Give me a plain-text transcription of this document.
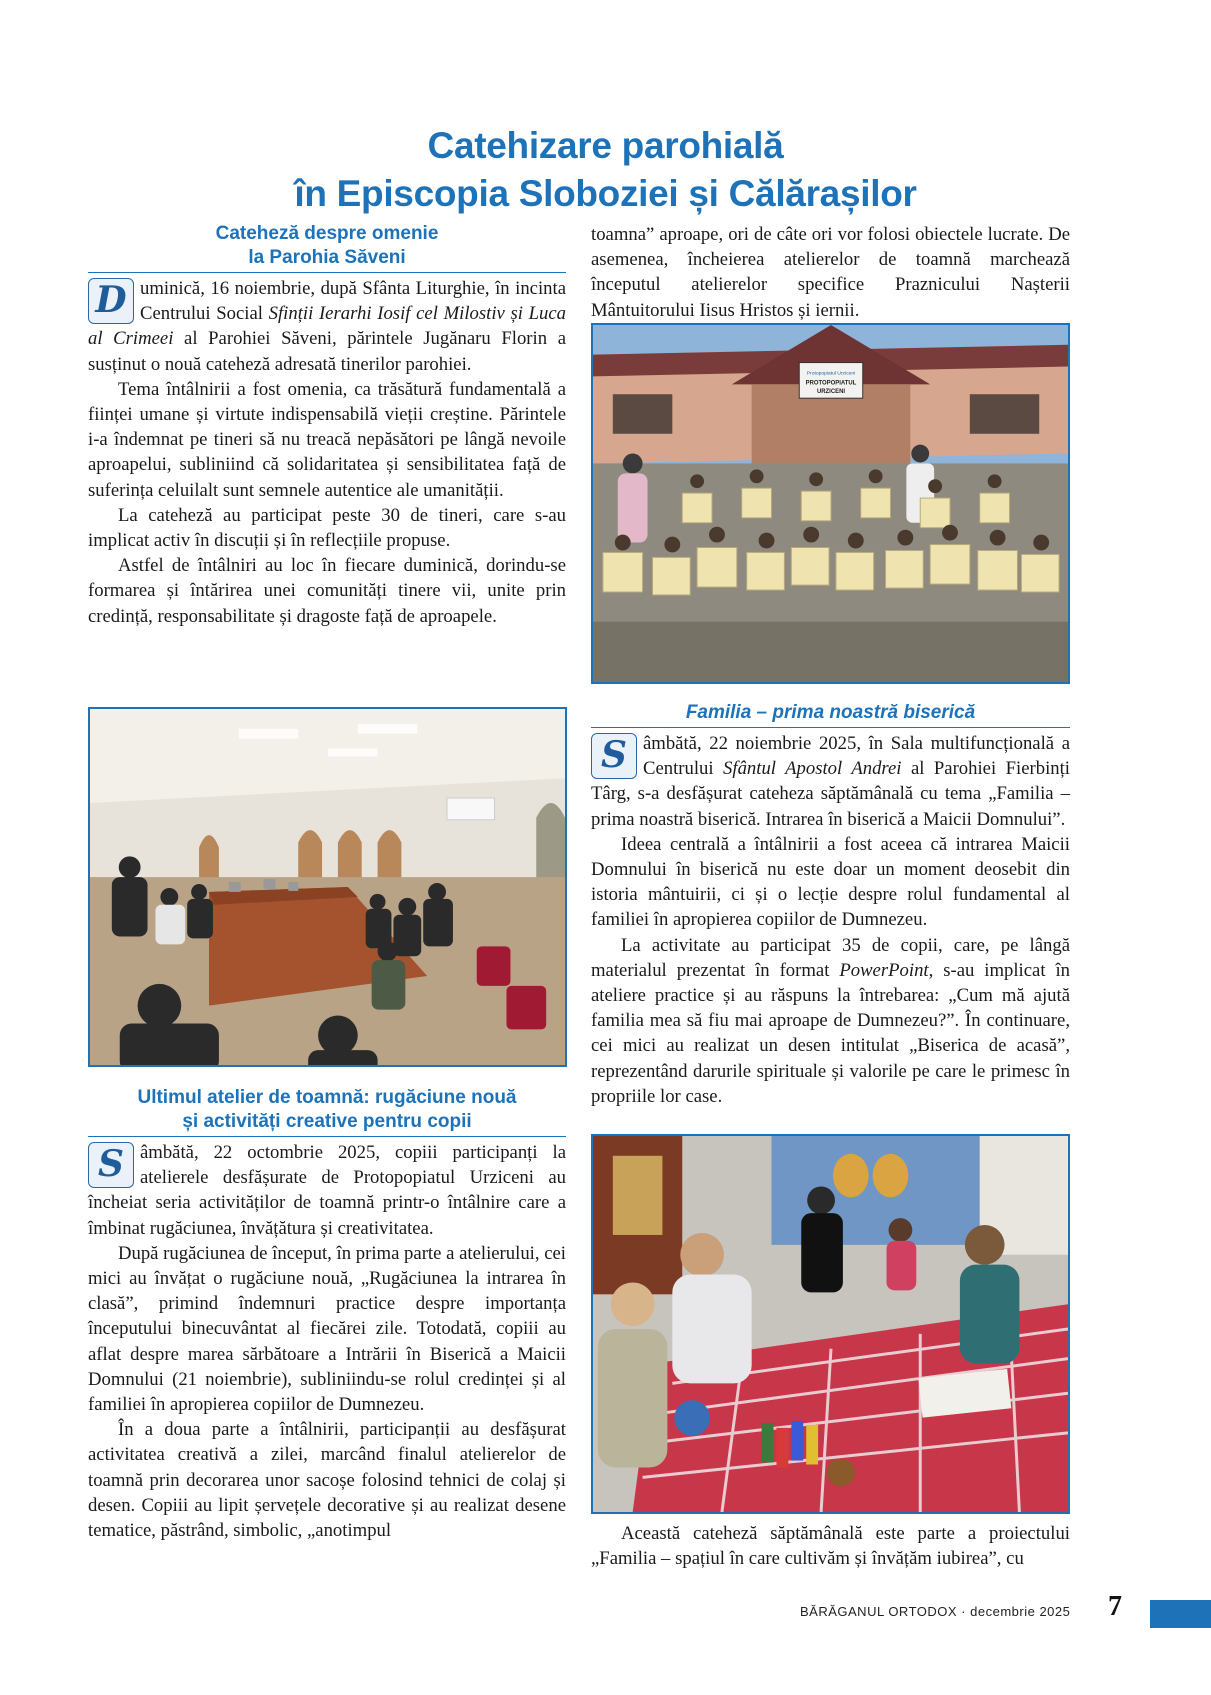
Catehizare parohială
în Episcopia Sloboziei și Călărașilor
Cateheză despre omenie
la Parohia Săveni

D uminică, 16 noiembrie, după Sfânta Liturghie, în incinta Centrului Social Sfinții Ierarhi Iosif cel Milostiv și Luca al Crimeei al Parohiei Săveni, părintele Jugănaru Florin a susținut o nouă cateheză adresată tinerilor parohiei.

Tema întâlnirii a fost omenia, ca trăsătură fundamentală a ființei umane și virtute indispensabilă vieții creștine. Părintele i-a îndemnat pe tineri să nu treacă nepăsători pe lângă nevoile aproapelui, subliniind că solidaritatea și sensibilitatea față de suferința celuilalt sunt semnele autentice ale umanității.

La cateheză au participat peste 30 de tineri, care s-au implicat activ în discuții și în reflecțiile propuse.

Astfel de întâlniri au loc în fiecare duminică, dorindu-se formarea și întărirea unei comunități tinere vii, unite prin credință, responsabilitate și dragoste față de aproapele.

Ultimul atelier de toamnă: rugăciune nouă
și activități creative pentru copii

S âmbătă, 22 octombrie 2025, copiii participanți la atelierele desfășurate de Protopopiatul Urziceni au încheiat seria activităților de toamnă printr-o întâlnire care a îmbinat rugăciunea, învățătura și creativitatea.

După rugăciunea de început, în prima parte a atelierului, cei mici au învățat o rugăciune nouă, „Rugăciunea la intrarea în clasă”, primind îndemnuri practice despre importanța începutului binecuvântat al fiecărei zile. Totodată, copiii au aflat despre marea sărbătoare a Intrării în Biserică a Maicii Domnului (21 noiembrie), subliniindu-se rolul credinței și al familiei în apropierea copiilor de Dumnezeu.

În a doua parte a întâlnirii, participanții au desfășurat activitatea creativă a zilei, marcând finalul atelierelor de toamnă prin decorarea unor sacoșe folosind tehnici de colaj și desen. Copiii au lipit șervețele decorative și au realizat desene tematice, păstrând, simbolic, „anotimpul

toamna” aproape, ori de câte ori vor folosi obiectele lucrate. De asemenea, încheierea atelierelor de toamnă marchează începutul atelierelor specifice Praznicului Nașterii Mântuitorului Iisus Hristos și iernii.

Protopopiatul Urziceni
PROTOPOPIATUL
URZICENI
Familia – prima noastră biserică

S âmbătă, 22 noiembrie 2025, în Sala multifuncțională a Centrului Sfântul Apostol Andrei al Parohiei Fierbinți Târg, s-a desfășurat cateheza săptămânală cu tema „Familia – prima noastră biserică. Intrarea în biserică a Maicii Domnului”.

Ideea centrală a întâlnirii a fost aceea că intrarea Maicii Domnului în biserică nu este doar un moment deosebit din istoria mântuirii, ci și o lecție despre rolul fundamental al familiei în apropierea copiilor de Dumnezeu.

La activitate au participat 35 de copii, care, pe lângă materialul prezentat în format PowerPoint, s-au implicat în ateliere practice și au răspuns la întrebarea: „Cum mă ajută familia mea să fiu mai aproape de Dumnezeu?”. În continuare, cei mici au realizat un desen intitulat „Biserica de acasă”, reprezentând darurile spirituale și valorile pe care le primesc în propriile lor case.

Această cateheză săptămânală este parte a proiectului „Familia – spațiul în care cultivăm și învățăm iubirea”, cu

BĂRĂGANUL ORTODOX · decembrie 2025 7
